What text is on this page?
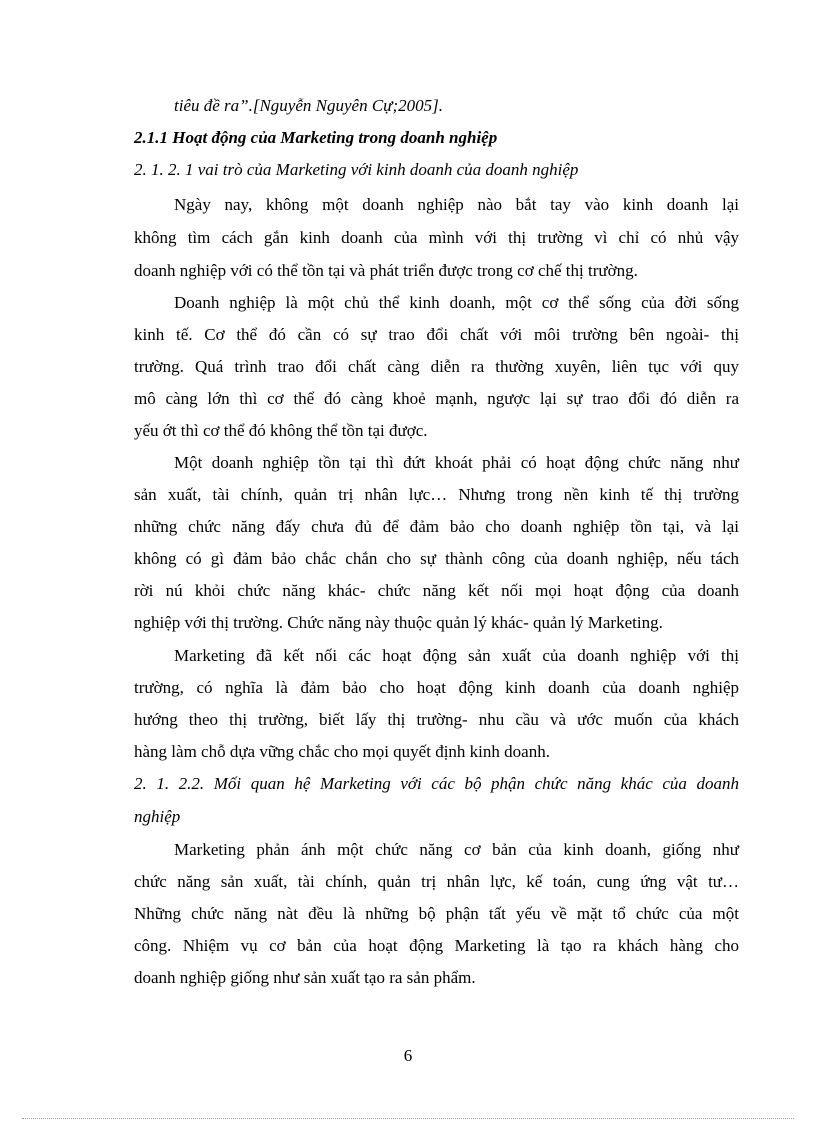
tiêu đề ra”.[Nguyễn Nguyên Cự;2005].
2.1.1 Hoạt động của Marketing trong doanh nghiệp
2. 1. 2. 1 vai trò của Marketing với kinh doanh của doanh nghiệp
Ngày nay, không một doanh nghiệp nào bắt tay vào kinh doanh lại
không tìm cách gắn kinh doanh của mình với thị trường vì chỉ có nhủ vậy
doanh nghiệp với có thể tồn tại và phát triển được trong cơ chế thị trường.
Doanh nghiệp là một chủ thể kinh doanh, một cơ thể sống của đời sống
kinh tế. Cơ thể đó cần có sự trao đổi chất với môi trường bên ngoài- thị
trường. Quá trình trao đổi chất càng diễn ra thường xuyên, liên tục với quy
mô càng lớn thì cơ thể đó càng khoẻ mạnh, ngược lại sự trao đổi đó diễn ra
yếu ớt thì cơ thể đó không thể tồn tại được.
Một doanh nghiệp tồn tại thì đứt khoát phải có hoạt động chức năng như
sản xuất, tài chính, quản trị nhân lực… Nhưng trong nền kinh tế thị trường
những chức năng đấy chưa đủ để đảm bảo cho doanh nghiệp tồn tại, và lại
không có gì đảm bảo chắc chắn cho sự thành công của doanh nghiệp, nếu tách
rời nú khỏi chức năng khác- chức năng kết nối mọi hoạt động của doanh
nghiệp với thị trường. Chức năng này thuộc quản lý khác- quản lý Marketing.
Marketing đã kết nối các hoạt động sản xuất của doanh nghiệp với thị
trường, có nghĩa là đảm bảo cho hoạt động kinh doanh của doanh nghiệp
hướng theo thị trường, biết lấy thị trường- nhu cầu và ước muốn của khách
hàng làm chỗ dựa vững chắc cho mọi quyết định kinh doanh.
2. 1. 2.2. Mối quan hệ Marketing với các bộ phận chức năng khác của doanh
nghiệp
Marketing phản ánh một chức năng cơ bản của kinh doanh, giống như
chức năng sản xuất, tài chính, quản trị nhân lực, kế toán, cung ứng vật tư…
Những chức năng nàt đều là những bộ phận tất yếu về mặt tổ chức của một
công. Nhiệm vụ cơ bản của hoạt động Marketing là tạo ra khách hàng cho
doanh nghiệp giống như sản xuất tạo ra sản phẩm.
6
